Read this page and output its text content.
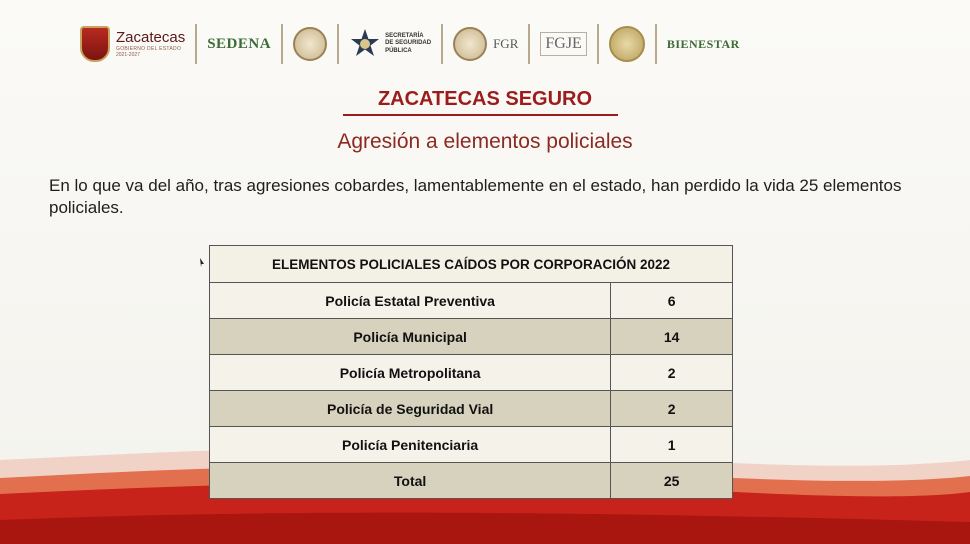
Zacatecas
GOBIERNO DEL ESTADO
2021-2027
SEDENA	SECRETARÍA
DE SEGURIDAD
PÚBLICA	FGR	FGJE	BIENESTAR
ZACATECAS SEGURO
Agresión a elementos policiales
En lo que va del año, tras agresiones cobardes, lamentablemente en el estado, han perdido la vida 25 elementos policiales.
ELEMENTOS POLICIALES CAÍDOS POR CORPORACIÓN 2022	
Policía Estatal Preventiva	6
Policía Municipal	14
Policía Metropolitana	2
Policía de Seguridad Vial	2
Policía Penitenciaria	1
Total	25
